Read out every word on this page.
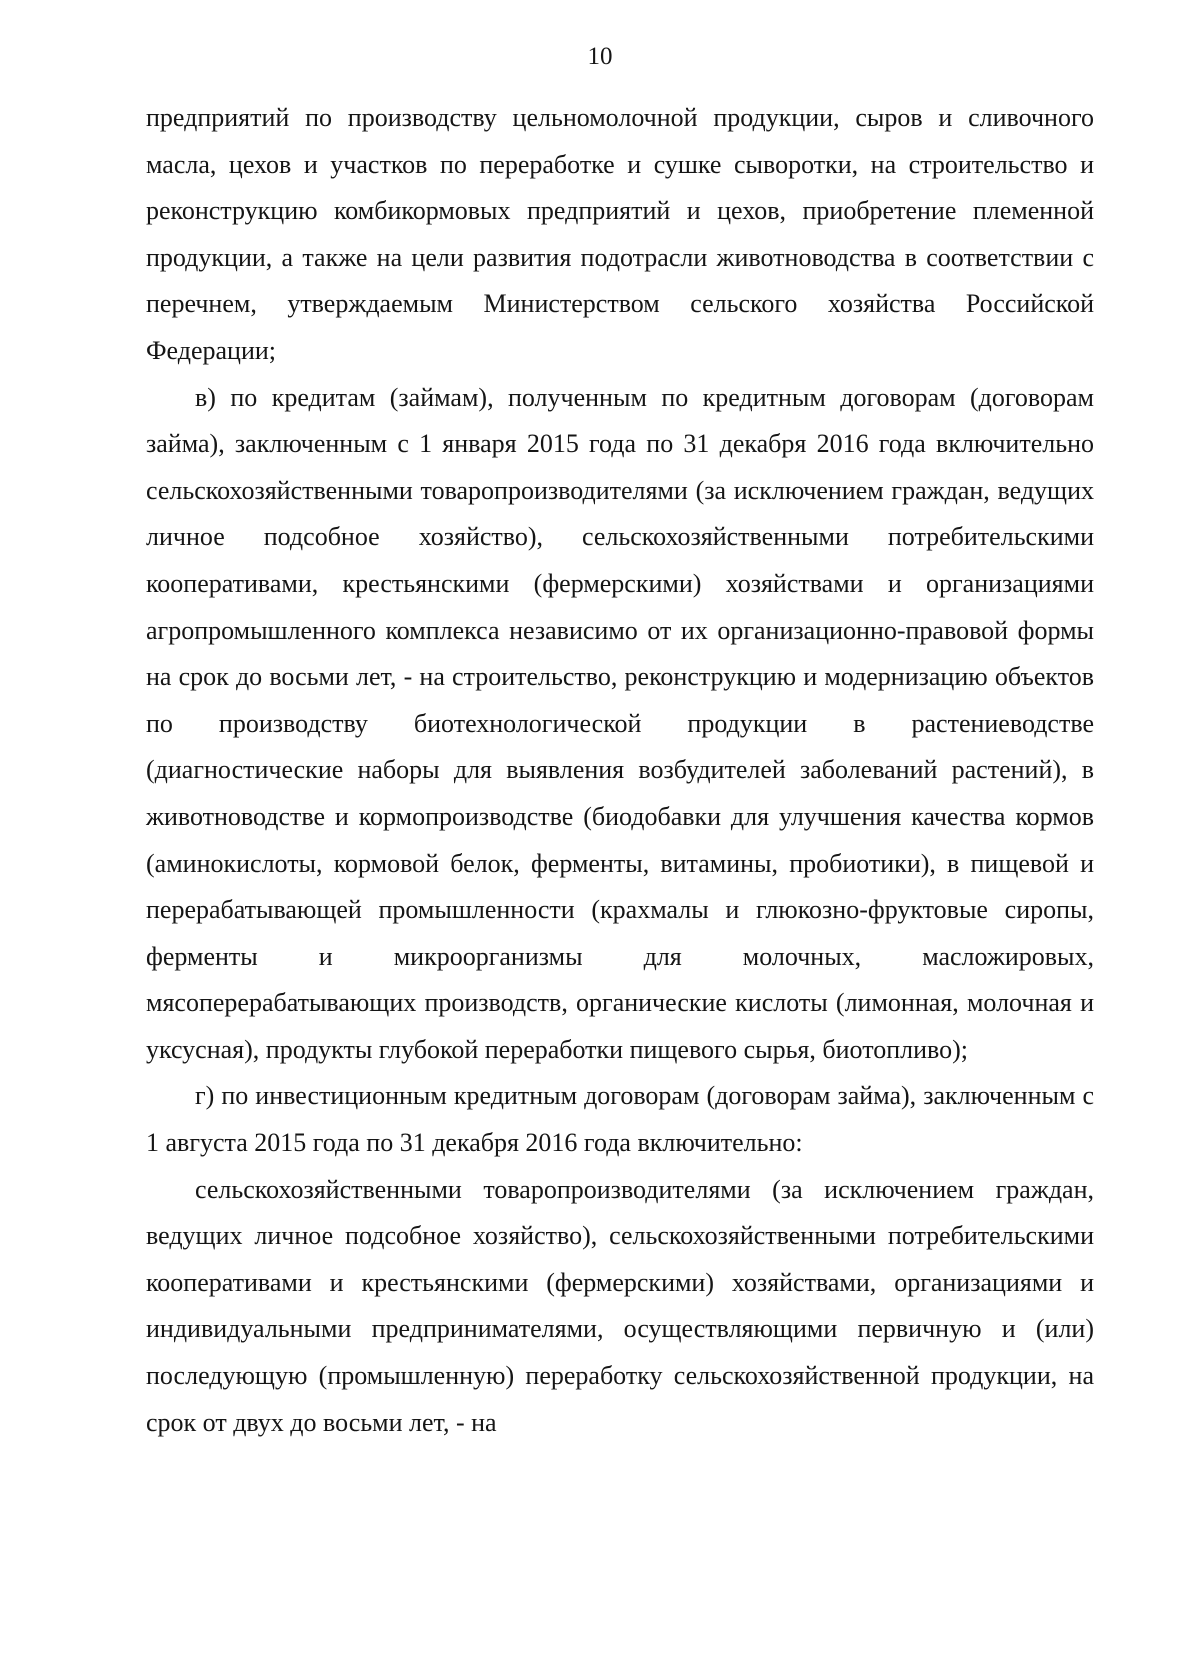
10

предприятий по производству цельномолочной продукции, сыров и сливочного масла, цехов и участков по переработке и сушке сыворотки, на строительство и реконструкцию комбикормовых предприятий и цехов, приобретение племенной продукции, а также на цели развития подотрасли животноводства в соответствии с перечнем, утверждаемым Министерством сельского хозяйства Российской Федерации;

в) по кредитам (займам), полученным по кредитным договорам (договорам займа), заключенным с 1 января 2015 года по 31 декабря 2016 года включительно сельскохозяйственными товаропроизводителями (за исключением граждан, ведущих личное подсобное хозяйство), сельскохозяйственными потребительскими кооперативами, крестьянскими (фермерскими) хозяйствами и организациями агропромышленного комплекса независимо от их организационно-правовой формы на срок до восьми лет, - на строительство, реконструкцию и модернизацию объектов по производству биотехнологической продукции в растениеводстве (диагностические наборы для выявления возбудителей заболеваний растений), в животноводстве и кормопроизводстве (биодобавки для улучшения качества кормов (аминокислоты, кормовой белок, ферменты, витамины, пробиотики), в пищевой и перерабатывающей промышленности (крахмалы и глюкозно-фруктовые сиропы, ферменты и микроорганизмы для молочных, масложировых, мясоперерабатывающих производств, органические кислоты (лимонная, молочная и уксусная), продукты глубокой переработки пищевого сырья, биотопливо);

г) по инвестиционным кредитным договорам (договорам займа), заключенным с 1 августа 2015 года по 31 декабря 2016 года включительно:

сельскохозяйственными товаропроизводителями (за исключением граждан, ведущих личное подсобное хозяйство), сельскохозяйственными потребительскими кооперативами и крестьянскими (фермерскими) хозяйствами, организациями и индивидуальными предпринимателями, осуществляющими первичную и (или) последующую (промышленную) переработку сельскохозяйственной продукции, на срок от двух до восьми лет, - на
